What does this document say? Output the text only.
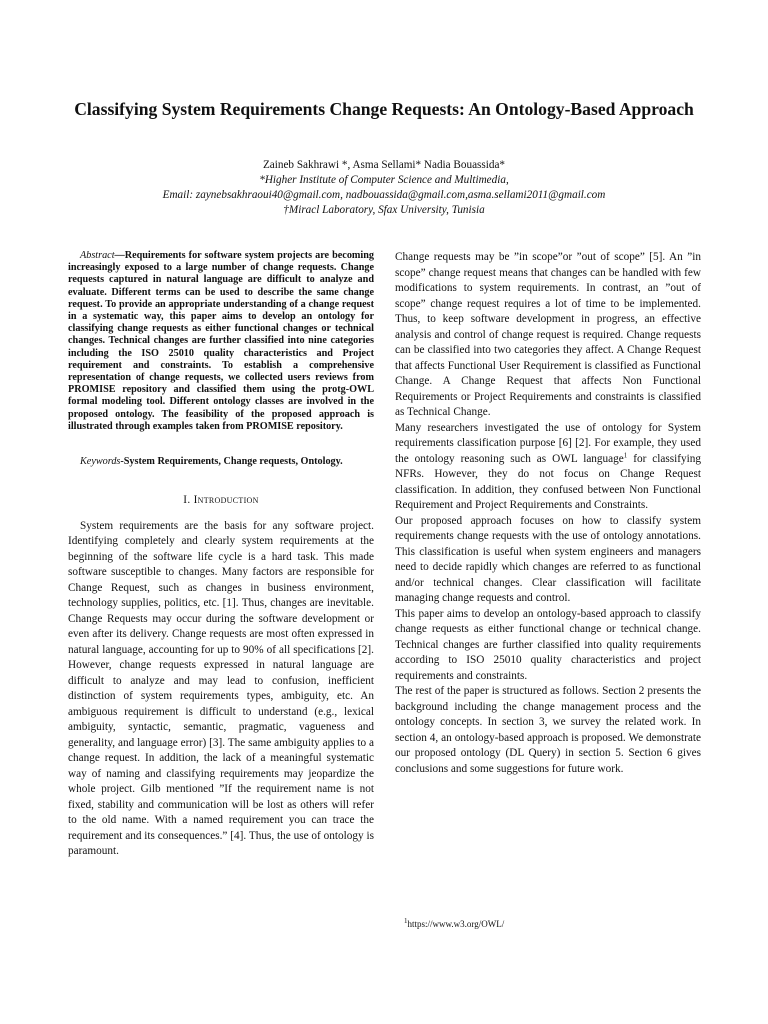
Classifying System Requirements Change Requests: An Ontology-Based Approach
Zaineb Sakhrawi *, Asma Sellami* Nadia Bouassida*
*Higher Institute of Computer Science and Multimedia,
Email: zaynebsakhraoui40@gmail.com, nadbouassida@gmail.com,asma.sellami2011@gmail.com
†Miracl Laboratory, Sfax University, Tunisia

Abstract—Requirements for software system projects are becoming increasingly exposed to a large number of change requests. Change requests captured in natural language are difficult to analyze and evaluate. Different terms can be used to describe the same change request. To provide an appropriate understanding of a change request in a systematic way, this paper aims to develop an ontology for classifying change requests as either functional changes or technical changes. Technical changes are further classified into nine categories including the ISO 25010 quality characteristics and Project requirement and constraints. To establish a comprehensive representation of change requests, we collected users reviews from PROMISE repository and classified them using the protg-OWL formal modeling tool. Different ontology classes are involved in the proposed ontology. The feasibility of the proposed approach is illustrated through examples taken from PROMISE repository.

Keywords-System Requirements, Change requests, Ontology.

I. Introduction

System requirements are the basis for any software project. Identifying completely and clearly system requirements at the beginning of the software life cycle is a hard task. This made software susceptible to changes. Many factors are responsible for Change Request, such as changes in business environment, technology supplies, politics, etc. [1]. Thus, changes are inevitable. Change Requests may occur during the software development or even after its delivery. Change requests are most often expressed in natural language, accounting for up to 90% of all specifications [2]. However, change requests expressed in natural language are difficult to analyze and may lead to confusion, inefficient distinction of system requirements types, ambiguity, etc. An ambiguous requirement is difficult to understand (e.g., lexical ambiguity, syntactic, semantic, pragmatic, vagueness and generality, and language error) [3]. The same ambiguity applies to a change request. In addition, the lack of a meaningful systematic way of naming and classifying requirements may jeopardize the whole project. Gilb mentioned ”If the requirement name is not fixed, stability and communication will be lost as others will refer to the old name. With a named requirement you can trace the requirement and its consequences.” [4]. Thus, the use of ontology is paramount.

Change requests may be ”in scope”or ”out of scope” [5]. An ”in scope” change request means that changes can be handled with few modifications to system requirements. In contrast, an ”out of scope” change request requires a lot of time to be implemented. Thus, to keep software development in progress, an effective analysis and control of change request is required. Change requests can be classified into two categories they affect. A Change Request that affects Functional User Requirement is classified as Functional Change. A Change Request that affects Non Functional Requirements or Project Requirements and constraints is classified as Technical Change.

Many researchers investigated the use of ontology for System requirements classification purpose [6] [2]. For example, they used the ontology reasoning such as OWL language$^1$ for classifying NFRs. However, they do not focus on Change Request classification. In addition, they confused between Non Functional Requirement and Project Requirements and Constraints.

Our proposed approach focuses on how to classify system requirements change requests with the use of ontology annotations. This classification is useful when system engineers and managers need to decide rapidly which changes are referred to as functional and/or technical changes. Clear classification will facilitate managing change requests and control.

This paper aims to develop an ontology-based approach to classify change requests as either functional change or technical change. Technical changes are further classified into quality requirements according to ISO 25010 quality characteristics and project requirements and constraints.

The rest of the paper is structured as follows. Section 2 presents the background including the change management process and the ontology concepts. In section 3, we survey the related work. In section 4, an ontology-based approach is proposed. We demonstrate our proposed ontology (DL Query) in section 5. Section 6 gives conclusions and some suggestions for future work.

$^1$https://www.w3.org/OWL/
